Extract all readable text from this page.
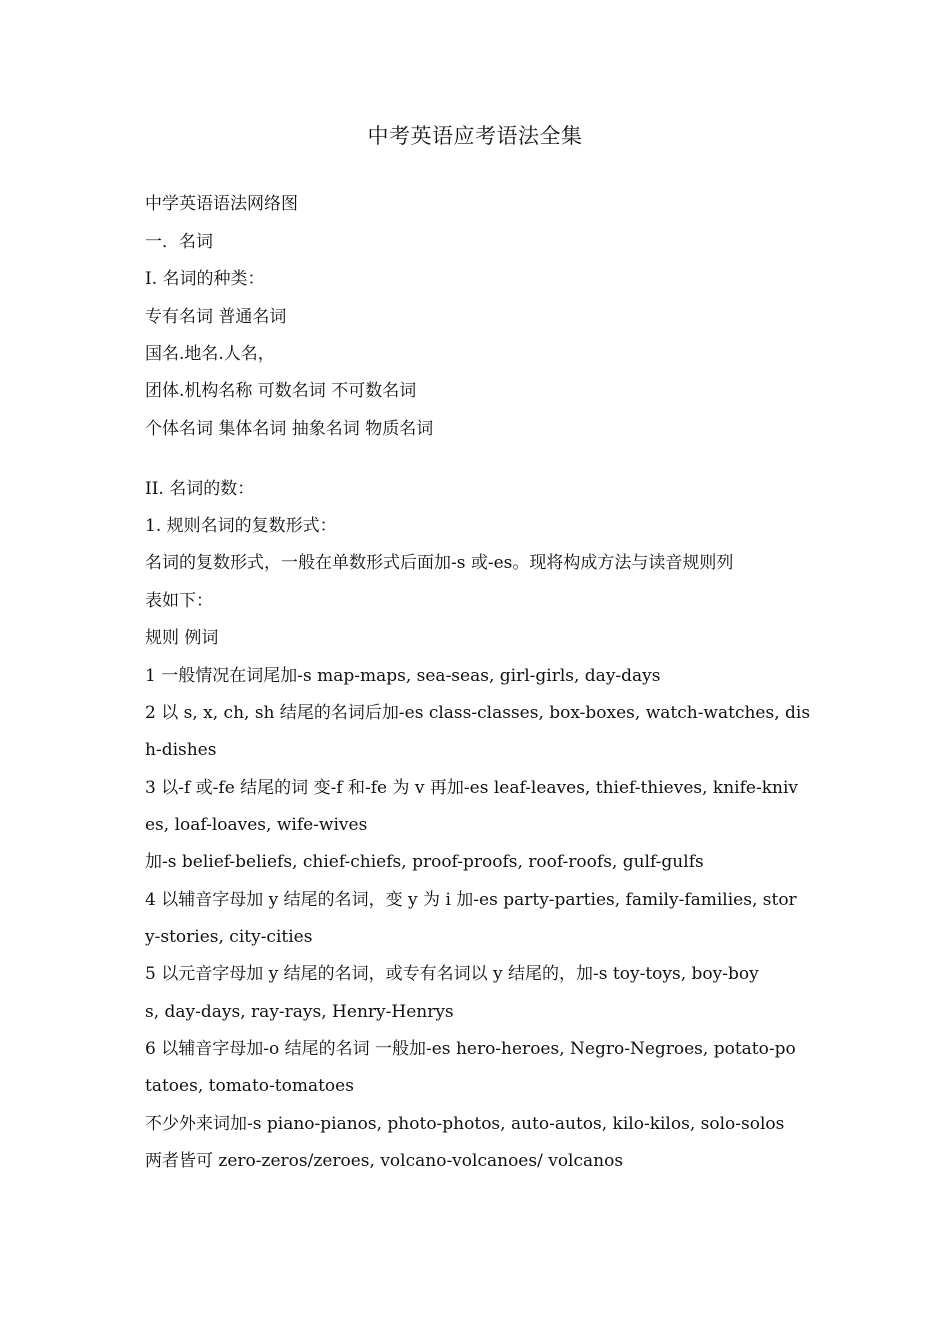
中考英语应考语法全集
中学英语语法网络图
一．名词
I. 名词的种类：
专有名词 普通名词
国名.地名.人名，
团体.机构名称 可数名词 不可数名词
个体名词 集体名词 抽象名词 物质名词
II. 名词的数：
1. 规则名词的复数形式：
名词的复数形式，一般在单数形式后面加-s 或-es。现将构成方法与读音规则列
表如下：
规则 例词
1 一般情况在词尾加-s map-maps, sea-seas, girl-girls, day-days
2 以 s, x, ch, sh 结尾的名词后加-es class-classes, box-boxes, watch-watches, dis
h-dishes
3 以-f 或-fe 结尾的词 变-f 和-fe 为 v 再加-es leaf-leaves, thief-thieves, knife-kniv
es, loaf-loaves, wife-wives
加-s belief-beliefs, chief-chiefs, proof-proofs, roof-roofs, gulf-gulfs
4 以辅音字母加 y 结尾的名词，变 y 为 i 加-es party-parties, family-families, stor
y-stories, city-cities
5 以元音字母加 y 结尾的名词，或专有名词以 y 结尾的，加-s toy-toys, boy-boy
s, day-days, ray-rays, Henry-Henrys
6 以辅音字母加-o 结尾的名词 一般加-es hero-heroes, Negro-Negroes, potato-po
tatoes, tomato-tomatoes
不少外来词加-s piano-pianos, photo-photos, auto-autos, kilo-kilos, solo-solos
两者皆可 zero-zeros/zeroes, volcano-volcanoes/ volcanos
